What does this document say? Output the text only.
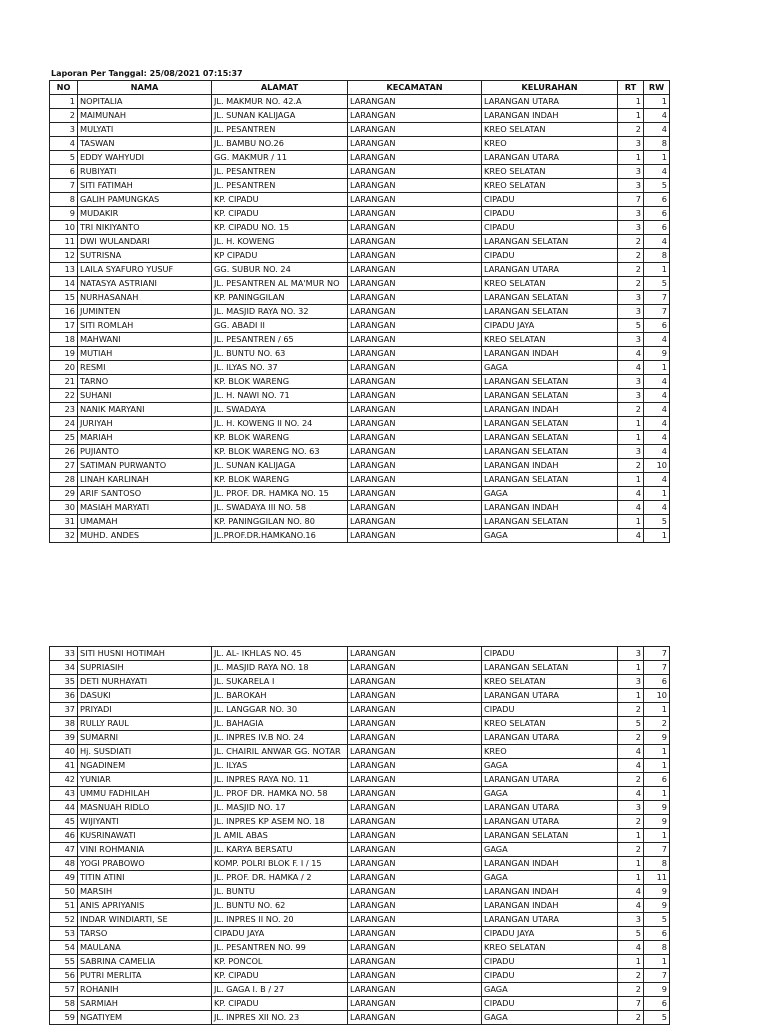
Laporan Per Tanggal: 25/08/2021 07:15:37
NO	NAMA	ALAMAT	KECAMATAN	KELURAHAN	RT	RW
1	NOPITALIA	JL. MAKMUR NO. 42.A	LARANGAN	LARANGAN UTARA	1	1
2	MAIMUNAH	JL. SUNAN KALIJAGA	LARANGAN	LARANGAN INDAH	1	4
3	MULYATI	JL. PESANTREN	LARANGAN	KREO SELATAN	2	4
4	TASWAN	JL. BAMBU NO.26	LARANGAN	KREO	3	8
5	EDDY WAHYUDI	GG. MAKMUR / 11	LARANGAN	LARANGAN UTARA	1	1
6	RUBIYATI	JL. PESANTREN	LARANGAN	KREO SELATAN	3	4
7	SITI FATIMAH	JL. PESANTREN	LARANGAN	KREO SELATAN	3	5
8	GALIH PAMUNGKAS	KP. CIPADU	LARANGAN	CIPADU	7	6
9	MUDAKIR	KP. CIPADU	LARANGAN	CIPADU	3	6
10	TRI NIKIYANTO	KP. CIPADU NO. 15	LARANGAN	CIPADU	3	6
11	DWI WULANDARI	JL. H. KOWENG	LARANGAN	LARANGAN SELATAN	2	4
12	SUTRISNA	KP CIPADU	LARANGAN	CIPADU	2	8
13	LAILA SYAFURO YUSUF	GG. SUBUR NO. 24	LARANGAN	LARANGAN UTARA	2	1
14	NATASYA ASTRIANI	JL. PESANTREN AL MA'MUR NO	LARANGAN	KREO SELATAN	2	5
15	NURHASANAH	KP. PANINGGILAN	LARANGAN	LARANGAN SELATAN	3	7
16	JUMINTEN	JL. MASJID RAYA NO. 32	LARANGAN	LARANGAN SELATAN	3	7
17	SITI ROMLAH	GG. ABADI II	LARANGAN	CIPADU JAYA	5	6
18	MAHWANI	JL. PESANTREN / 65	LARANGAN	KREO SELATAN	3	4
19	MUTIAH	JL. BUNTU NO. 63	LARANGAN	LARANGAN INDAH	4	9
20	RESMI	JL. ILYAS NO. 37	LARANGAN	GAGA	4	1
21	TARNO	KP. BLOK WARENG	LARANGAN	LARANGAN SELATAN	3	4
22	SUHANI	JL. H. NAWI NO. 71	LARANGAN	LARANGAN SELATAN	3	4
23	NANIK MARYANI	JL. SWADAYA	LARANGAN	LARANGAN INDAH	2	4
24	JURIYAH	JL. H. KOWENG II NO. 24	LARANGAN	LARANGAN SELATAN	1	4
25	MARIAH	KP. BLOK WARENG	LARANGAN	LARANGAN SELATAN	1	4
26	PUJIANTO	KP. BLOK WARENG NO. 63	LARANGAN	LARANGAN SELATAN	3	4
27	SATIMAN PURWANTO	JL. SUNAN KALIJAGA	LARANGAN	LARANGAN INDAH	2	10
28	LINAH KARLINAH	KP. BLOK WARENG	LARANGAN	LARANGAN SELATAN	1	4
29	ARIF SANTOSO	JL. PROF. DR. HAMKA NO. 15	LARANGAN	GAGA	4	1
30	MASIAH MARYATI	JL. SWADAYA III NO. 58	LARANGAN	LARANGAN INDAH	4	4
31	UMAMAH	KP. PANINGGILAN NO. 80	LARANGAN	LARANGAN SELATAN	1	5
32	MUHD. ANDES	JL.PROF.DR.HAMKANO.16	LARANGAN	GAGA	4	1
33	SITI HUSNI HOTIMAH	JL. AL- IKHLAS NO. 45	LARANGAN	CIPADU	3	7
34	SUPRIASIH	JL. MASJID RAYA NO. 18	LARANGAN	LARANGAN SELATAN	1	7
35	DETI NURHAYATI	JL. SUKARELA I	LARANGAN	KREO SELATAN	3	6
36	DASUKI	JL. BAROKAH	LARANGAN	LARANGAN UTARA	1	10
37	PRIYADI	JL. LANGGAR NO. 30	LARANGAN	CIPADU	2	1
38	RULLY RAUL	JL. BAHAGIA	LARANGAN	KREO SELATAN	5	2
39	SUMARNI	JL. INPRES IV.B NO. 24	LARANGAN	LARANGAN UTARA	2	9
40	Hj. SUSDIATI	JL. CHAIRIL ANWAR GG. NOTAR	LARANGAN	KREO	4	1
41	NGADINEM	JL. ILYAS	LARANGAN	GAGA	4	1
42	YUNIAR	JL. INPRES RAYA NO. 11	LARANGAN	LARANGAN UTARA	2	6
43	UMMU FADHILAH	JL. PROF DR. HAMKA NO. 58	LARANGAN	GAGA	4	1
44	MASNUAH RIDLO	JL. MASJID NO. 17	LARANGAN	LARANGAN UTARA	3	9
45	WIJIYANTI	JL. INPRES KP ASEM NO. 18	LARANGAN	LARANGAN UTARA	2	9
46	KUSRINAWATI	JL AMIL ABAS	LARANGAN	LARANGAN SELATAN	1	1
47	VINI ROHMANIA	JL. KARYA BERSATU	LARANGAN	GAGA	2	7
48	YOGI PRABOWO	KOMP. POLRI BLOK F. I / 15	LARANGAN	LARANGAN INDAH	1	8
49	TITIN ATINI	JL. PROF. DR. HAMKA / 2	LARANGAN	GAGA	1	11
50	MARSIH	JL. BUNTU	LARANGAN	LARANGAN INDAH	4	9
51	ANIS APRIYANIS	JL. BUNTU NO. 62	LARANGAN	LARANGAN INDAH	4	9
52	INDAR WINDIARTI, SE	JL. INPRES II NO. 20	LARANGAN	LARANGAN UTARA	3	5
53	TARSO	CIPADU JAYA	LARANGAN	CIPADU JAYA	5	6
54	MAULANA	JL. PESANTREN NO. 99	LARANGAN	KREO SELATAN	4	8
55	SABRINA CAMELIA	KP. PONCOL	LARANGAN	CIPADU	1	1
56	PUTRI MERLITA	KP. CIPADU	LARANGAN	CIPADU	2	7
57	ROHANIH	JL. GAGA I. B / 27	LARANGAN	GAGA	2	9
58	SARMIAH	KP. CIPADU	LARANGAN	CIPADU	7	6
59	NGATIYEM	JL. INPRES XII NO. 23	LARANGAN	GAGA	2	5
